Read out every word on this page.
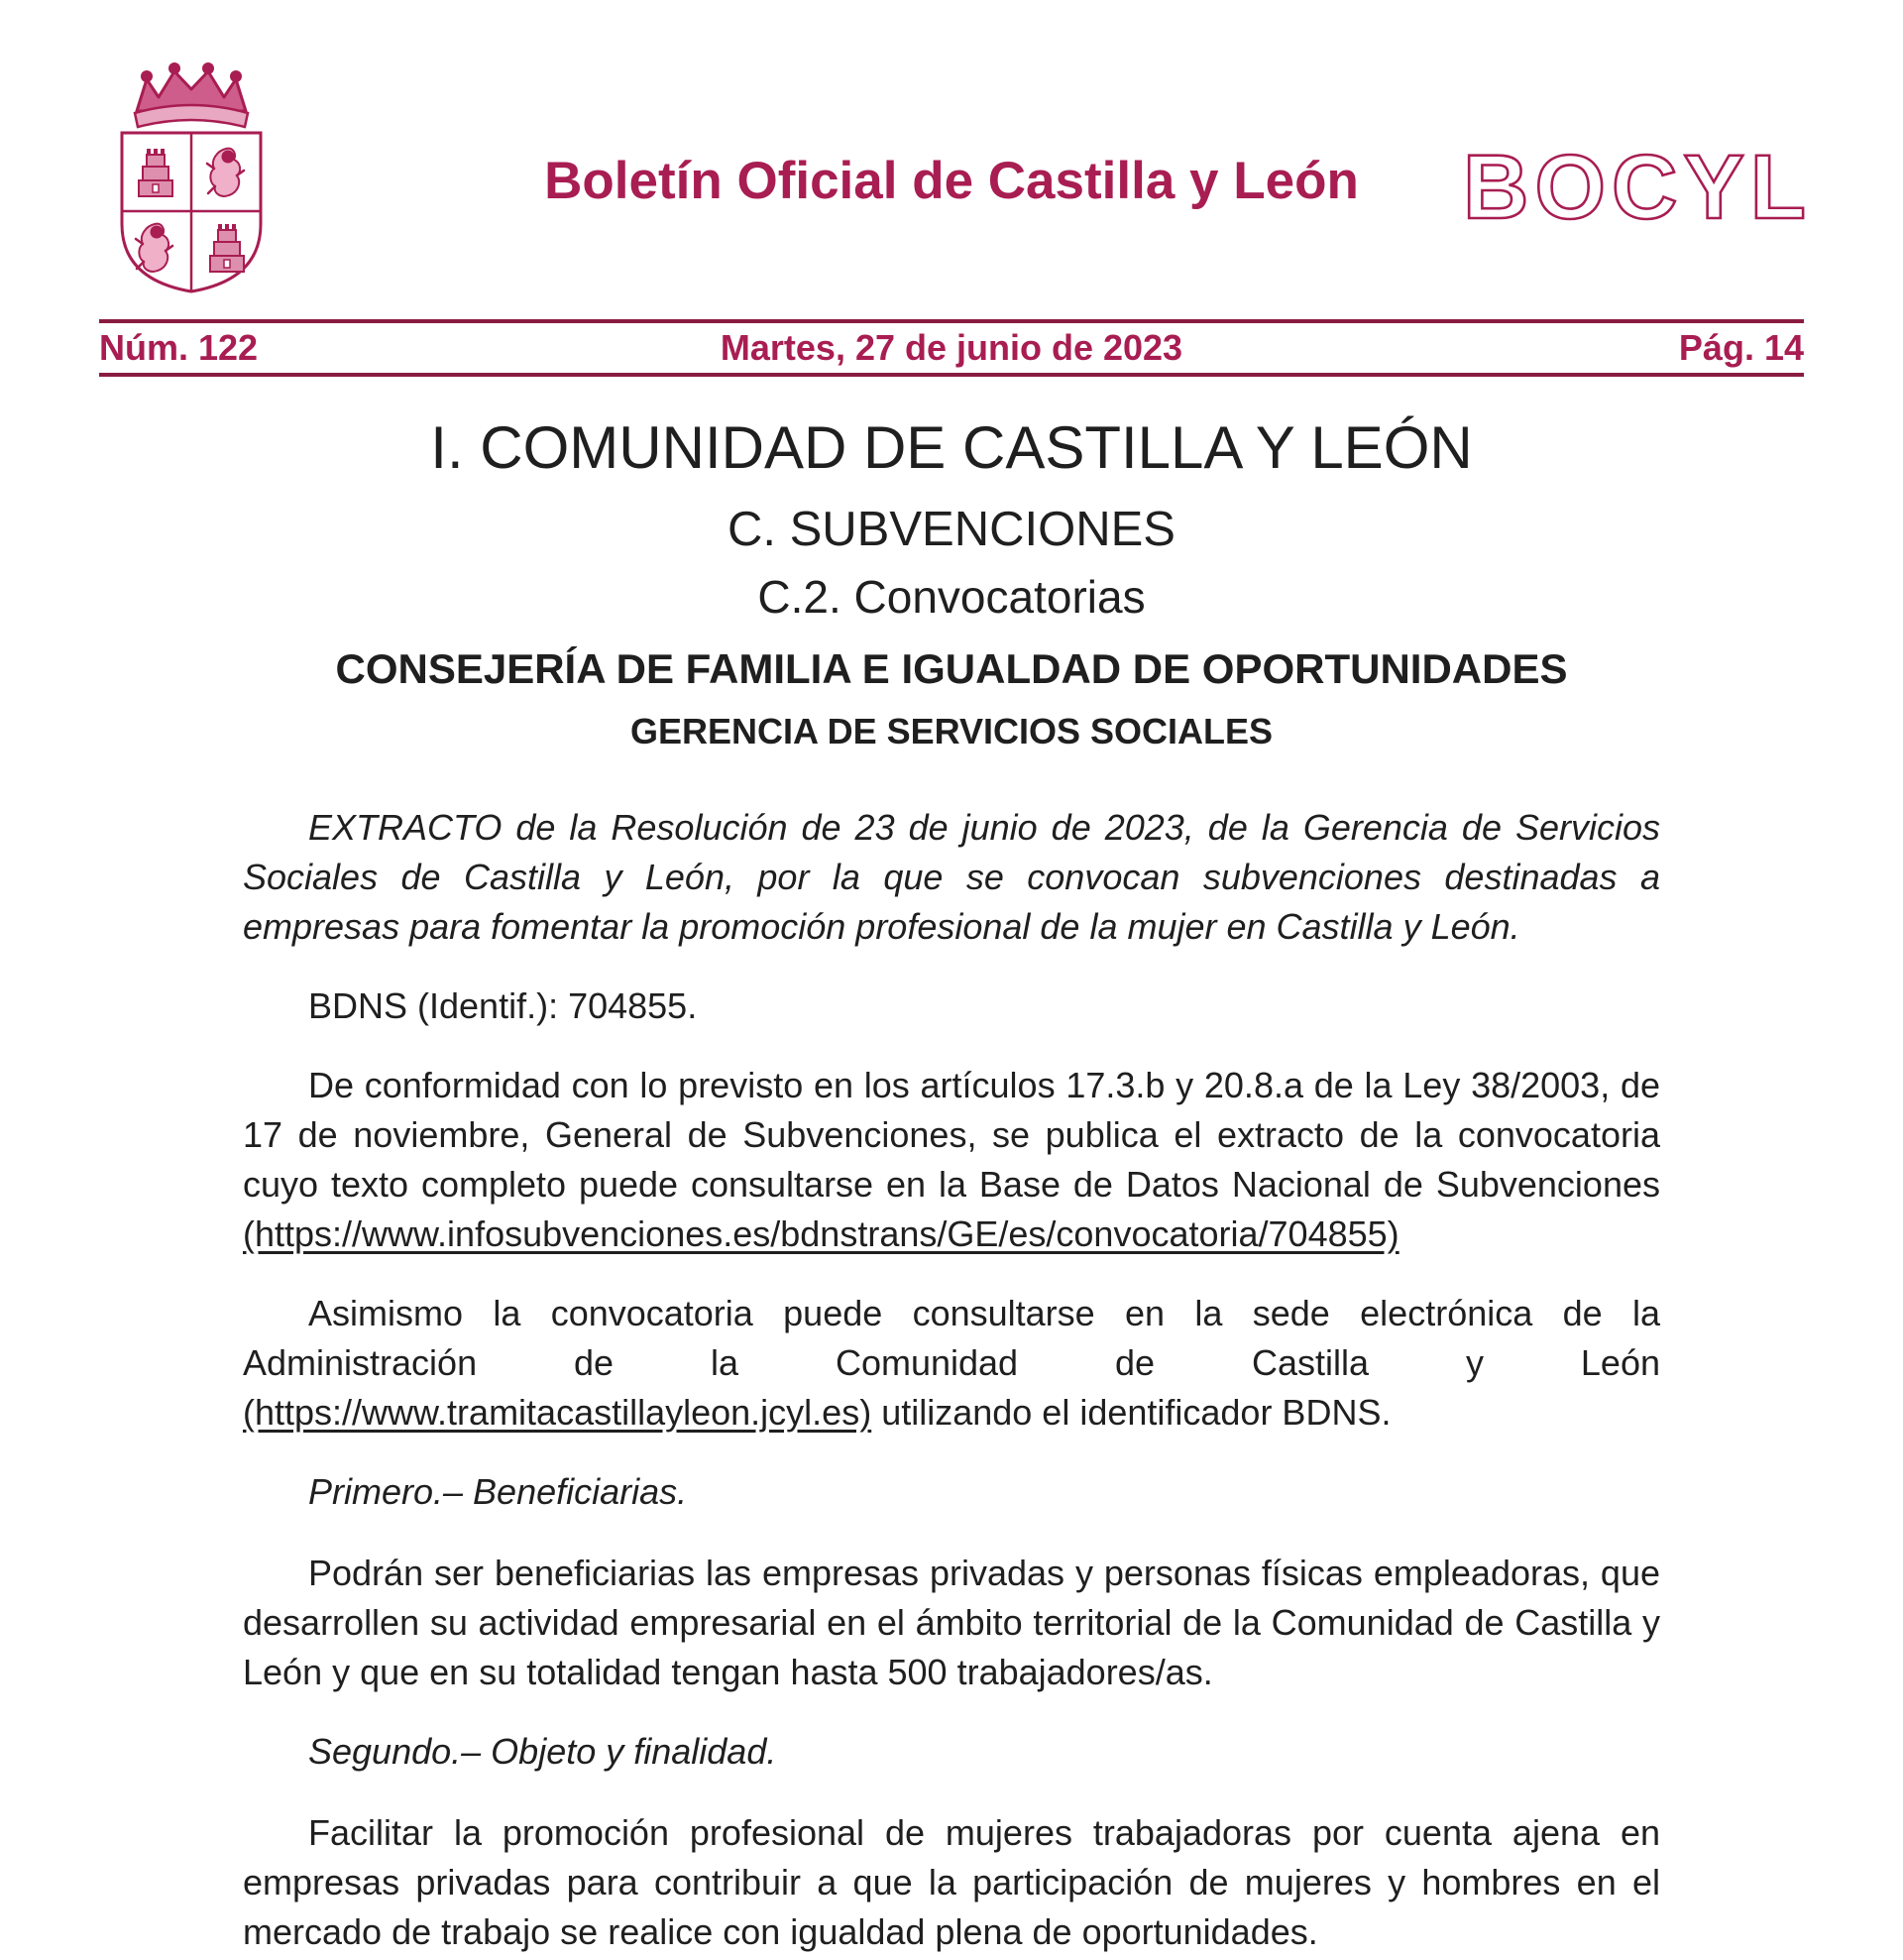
Boletín Oficial de Castilla y León	BOCYL
Núm. 122	Martes, 27 de junio de 2023	Pág. 14
I. COMUNIDAD DE CASTILLA Y LEÓN
C. SUBVENCIONES
C.2. Convocatorias
CONSEJERÍA DE FAMILIA E IGUALDAD DE OPORTUNIDADES
GERENCIA DE SERVICIOS SOCIALES

EXTRACTO de la Resolución de 23 de junio de 2023, de la Gerencia de Servicios Sociales de Castilla y León, por la que se convocan subvenciones destinadas a empresas para fomentar la promoción profesional de la mujer en Castilla y León.

BDNS (Identif.): 704855.

De conformidad con lo previsto en los artículos 17.3.b y 20.8.a de la Ley 38/2003, de 17 de noviembre, General de Subvenciones, se publica el extracto de la convocatoria cuyo texto completo puede consultarse en la Base de Datos Nacional de Subvenciones (https://www.infosubvenciones.es/bdnstrans/GE/es/convocatoria/704855)

Asimismo la convocatoria puede consultarse en la sede electrónica de la Administración de la Comunidad de Castilla y León (https://www.tramitacastillayleon.jcyl.es) utilizando el identificador BDNS.

Primero.– Beneficiarias.

Podrán ser beneficiarias las empresas privadas y personas físicas empleadoras, que desarrollen su actividad empresarial en el ámbito territorial de la Comunidad de Castilla y León y que en su totalidad tengan hasta 500 trabajadores/as.

Segundo.– Objeto y finalidad.

Facilitar la promoción profesional de mujeres trabajadoras por cuenta ajena en empresas privadas para contribuir a que la participación de mujeres y hombres en el mercado de trabajo se realice con igualdad plena de oportunidades.
